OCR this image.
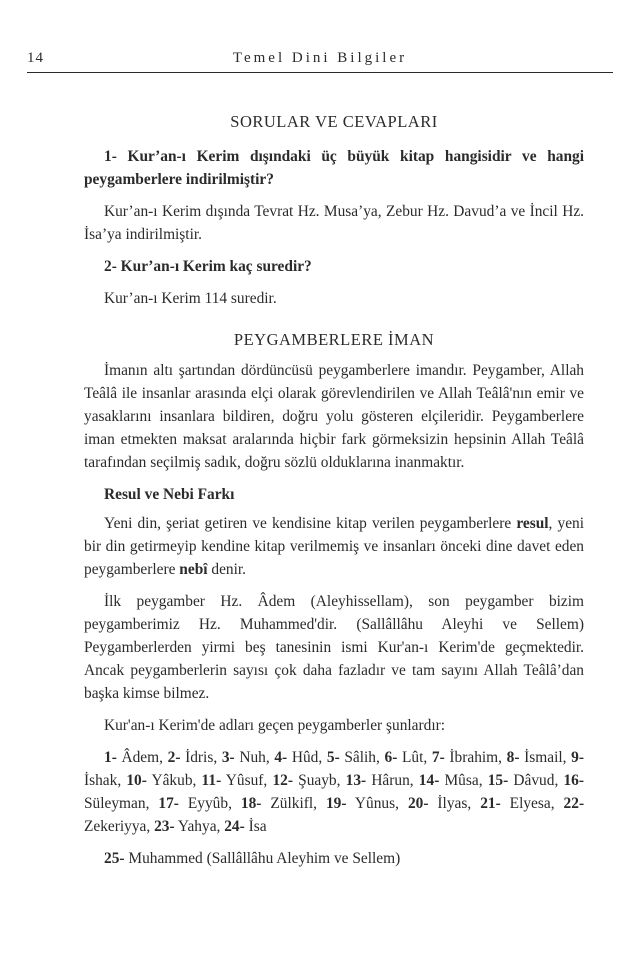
14	Temel Dini Bilgiler
SORULAR VE CEVAPLARI

1- Kur’an-ı Kerim dışındaki üç büyük kitap hangisidir ve hangi peygamberlere indirilmiştir?

Kur’an-ı Kerim dışında Tevrat Hz. Musa’ya, Zebur Hz. Davud’a ve İncil Hz. İsa’ya indirilmiştir.

2- Kur’an-ı Kerim kaç suredir?

Kur’an-ı Kerim 114 suredir.

PEYGAMBERLERE İMAN

İmanın altı şartından dördüncüsü peygamberlere imandır. Peygamber, Allah Teâlâ ile insanlar arasında elçi olarak görevlendirilen ve Allah Teâlâ'nın emir ve yasaklarını insanlara bildiren, doğru yolu gösteren elçileridir. Peygamberlere iman etmekten maksat aralarında hiçbir fark görmeksizin hepsinin Allah Teâlâ tarafından seçilmiş sadık, doğru sözlü olduklarına inanmaktır.

Resul ve Nebi Farkı

Yeni din, şeriat getiren ve kendisine kitap verilen peygamberlere resul, yeni bir din getirmeyip kendine kitap verilmemiş ve insanları önceki dine davet eden peygamberlere nebî denir.

İlk peygamber Hz. Âdem (Aleyhissellam), son peygamber bizim peygamberimiz Hz. Muhammed'dir. (Sallâllâhu Aleyhi ve Sellem) Peygamberlerden yirmi beş tanesinin ismi Kur'an-ı Kerim'de geçmektedir. Ancak peygamberlerin sayısı çok daha fazladır ve tam sayını Allah Teâlâ’dan başka kimse bilmez.

Kur'an-ı Kerim'de adları geçen peygamberler şunlardır:

1- Âdem, 2- İdris, 3- Nuh, 4- Hûd, 5- Sâlih, 6- Lût, 7- İbrahim, 8- İsmail, 9- İshak, 10- Yâkub, 11- Yûsuf, 12- Şuayb, 13- Hârun, 14- Mûsa, 15- Dâvud, 16- Süleyman, 17- Eyyûb, 18- Zülkifl, 19- Yûnus, 20- İlyas, 21- Elyesa, 22- Zekeriyya, 23- Yahya, 24- İsa

25- Muhammed (Sallâllâhu Aleyhim ve Sellem)
